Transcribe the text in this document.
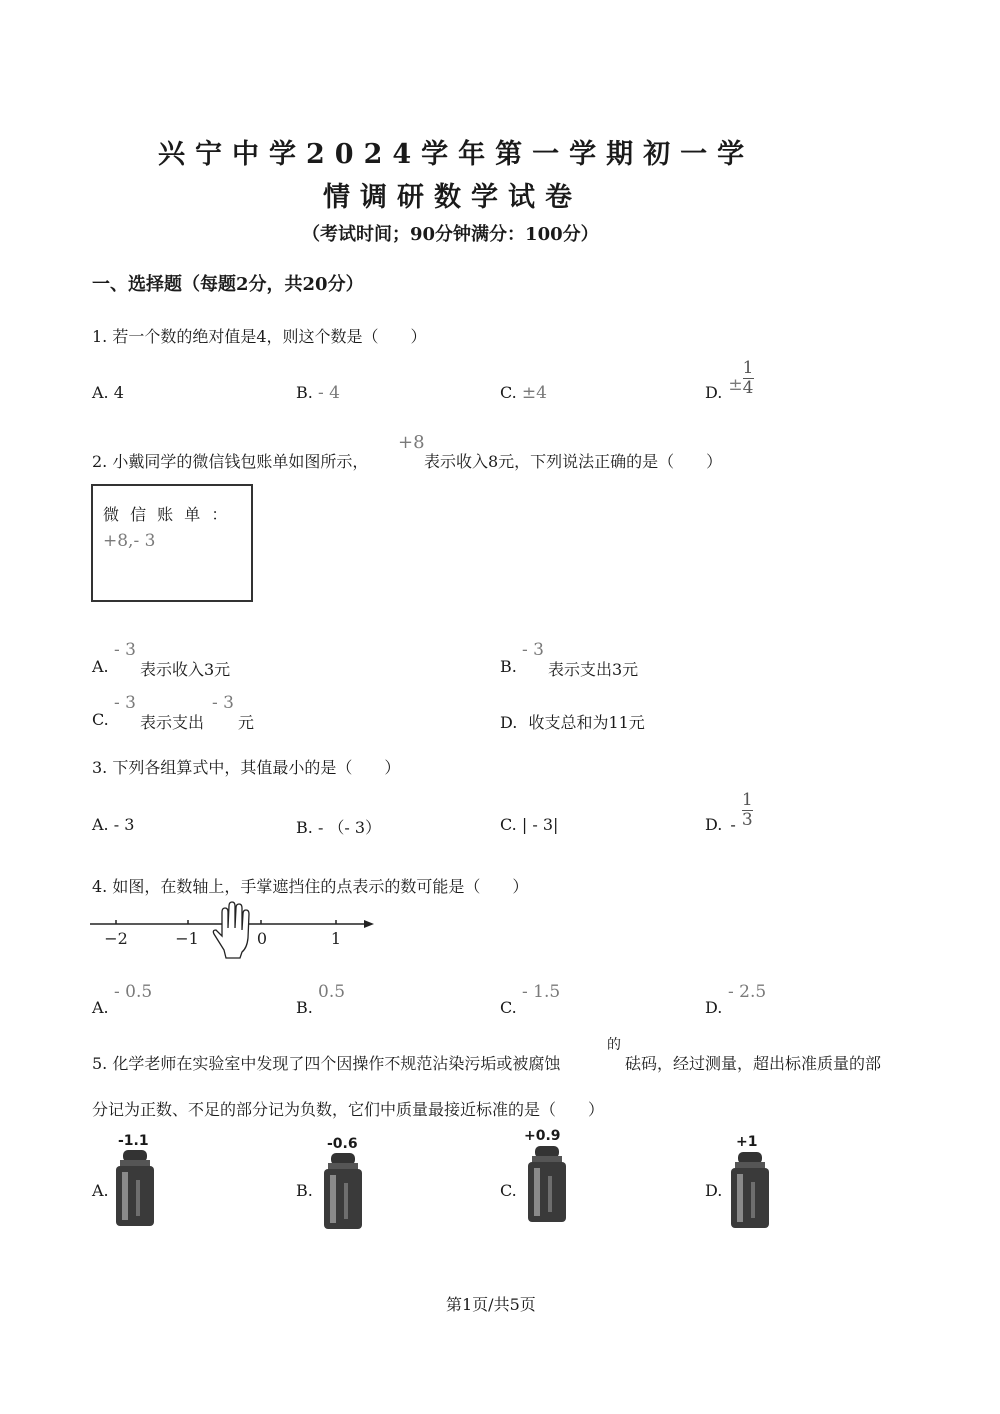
兴宁中学2024学年第一学期初一学
情调研数学试卷
（考试时间；90分钟满分：100分）
一、选择题（每题2分，共20分）
1. 若一个数的绝对值是4，则这个数是（　　）
A. 4	B. - 4	C. ±4	D. ± $\frac{1}{4}$
2. 小戴同学的微信钱包账单如图所示，
+8
表示收入8元，下列说法正确的是（　　）
微 信 账 单 ：
+8,- 3
A.
- 3
表示收入3元	B.
- 3
表示支出3元
C.
- 3
表示支出
- 3
元	D. 收支总和为11元
3. 下列各组算式中，其值最小的是（　　）
A. - 3	B. - （- 3）	C. | - 3|	D. - $\frac{1}{3}$
4. 如图，在数轴上，手掌遮挡住的点表示的数可能是（　　）
−2	−1	0	1
A.
- 0.5
B.
0.5
C.
- 1.5
D.
- 2.5
5. 化学老师在实验室中发现了四个因操作不规范沾染污垢或被腐蚀
的
砝码，经过测量，超出标准质量的部
分记为正数、不足的部分记为负数，它们中质量最接近标准的是（　　）
A.
-1.1
B.
-0.6
C.
+0.9
D.
+1
第1页/共5页
